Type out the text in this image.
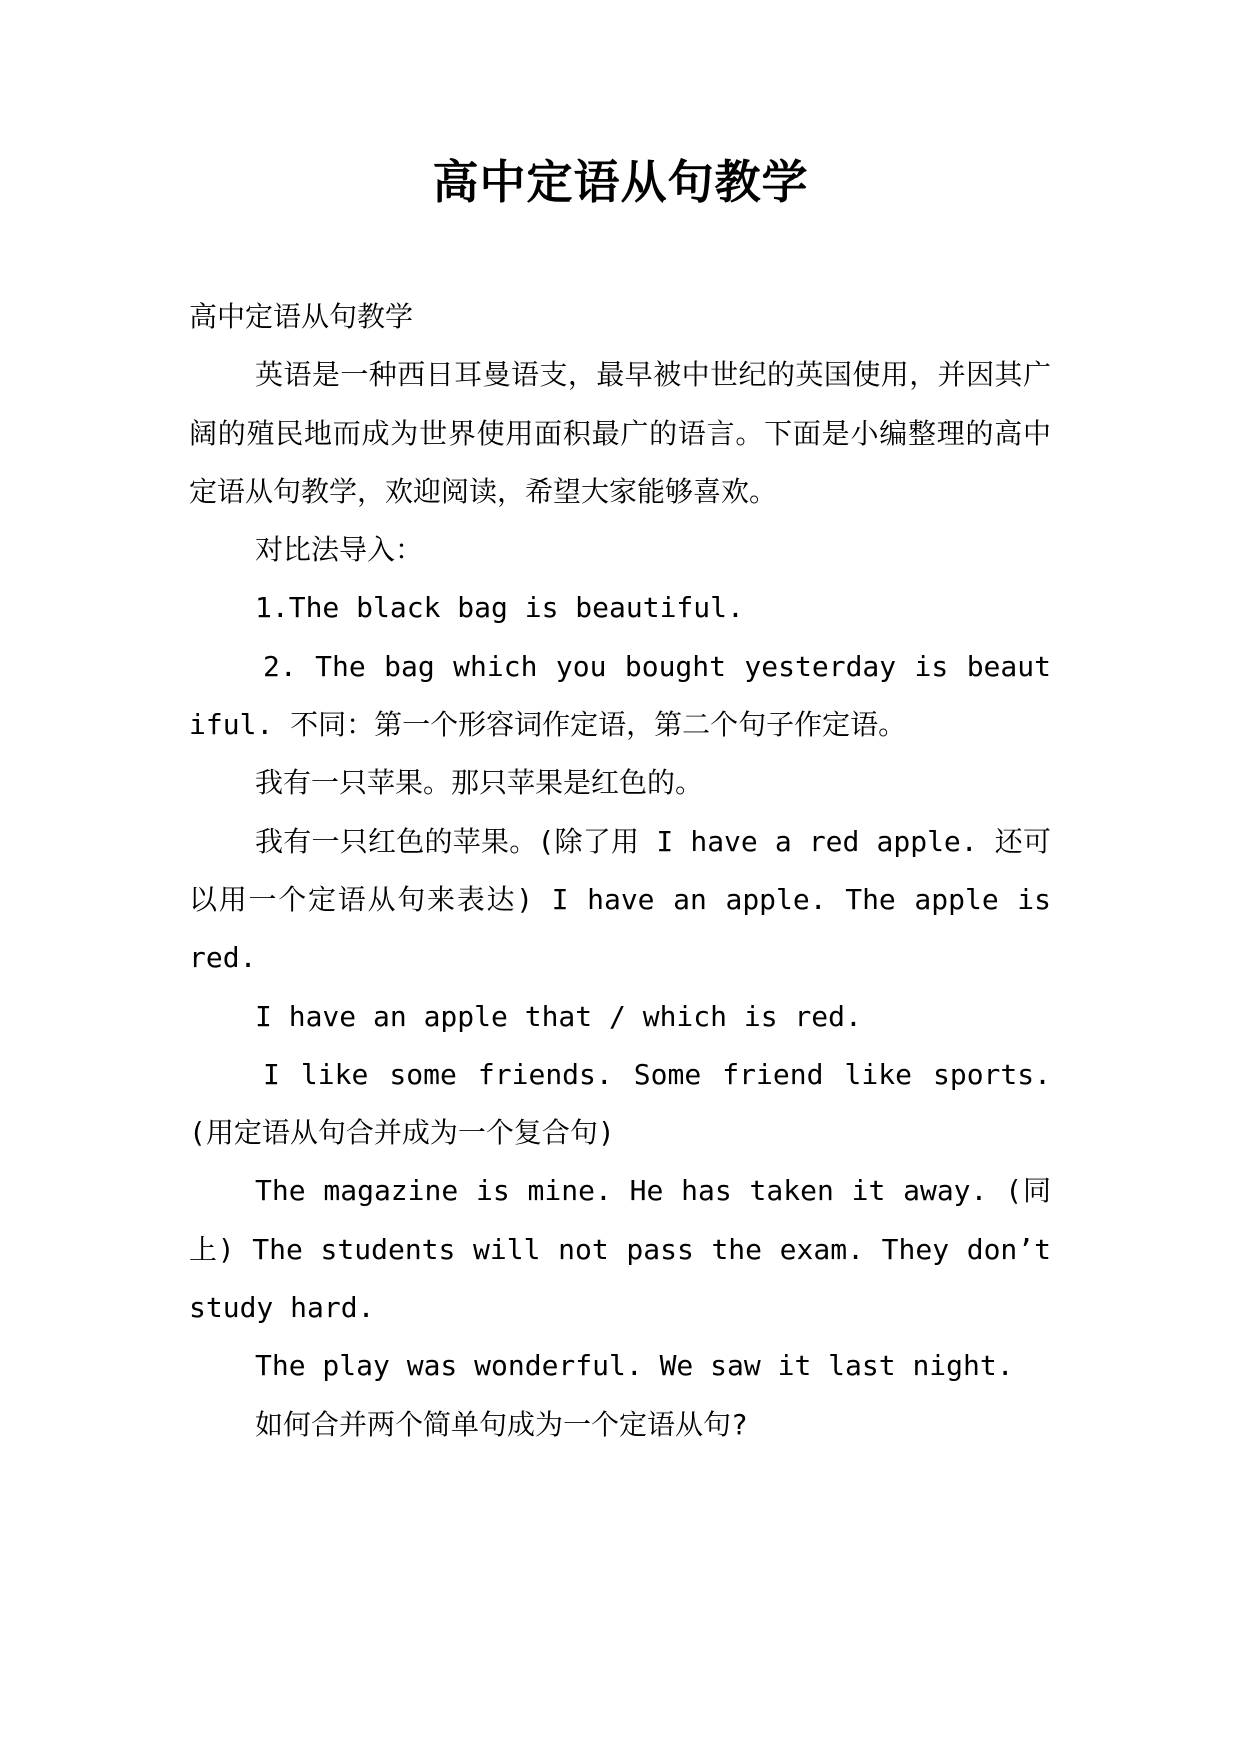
高中定语从句教学

高中定语从句教学

英语是一种西日耳曼语支，最早被中世纪的英国使用，并因其广阔的殖民地而成为世界使用面积最广的语言。下面是小编整理的高中定语从句教学，欢迎阅读，希望大家能够喜欢。

对比法导入：

1.The black bag is beautiful.

2. The bag which you bought yesterday is beautiful. 不同：第一个形容词作定语，第二个句子作定语。

我有一只苹果。那只苹果是红色的。

我有一只红色的苹果。(除了用 I have a red apple. 还可以用一个定语从句来表达) I have an apple. The apple is red.

I have an apple that / which is red.

I like some friends. Some friend like sports. (用定语从句合并成为一个复合句)

The magazine is mine. He has taken it away. (同上) The students will not pass the exam. They don’t study hard.

The play was wonderful. We saw it last night.

如何合并两个简单句成为一个定语从句?
